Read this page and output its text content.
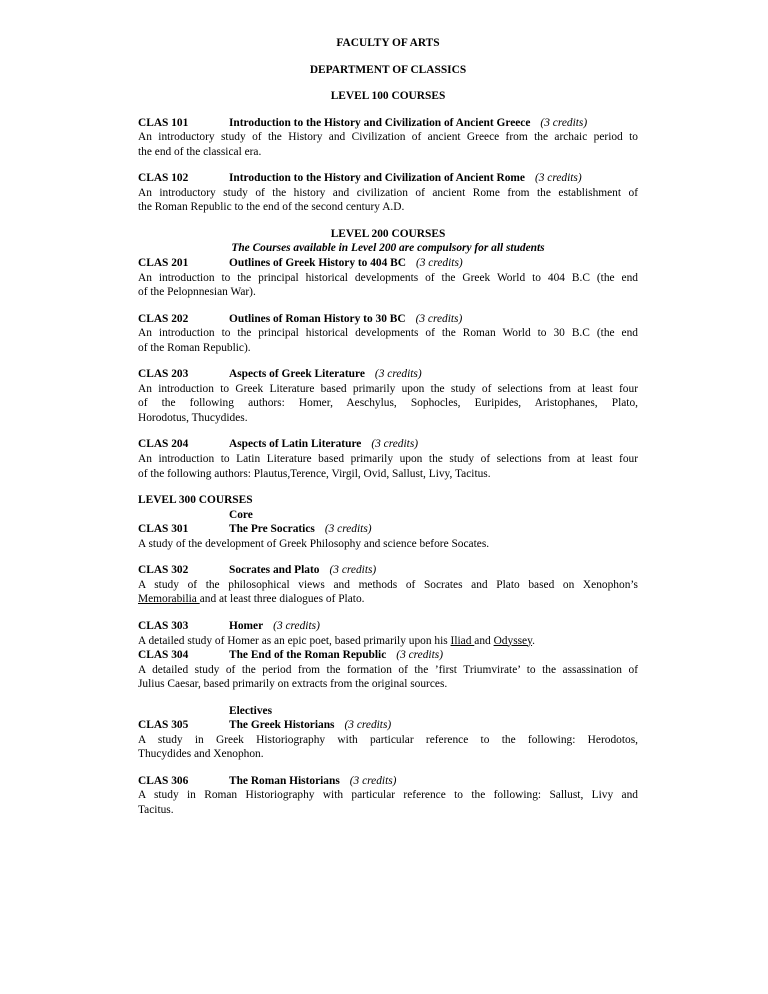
FACULTY OF ARTS
DEPARTMENT OF CLASSICS
LEVEL 100 COURSES
CLAS 101	Introduction to the History and Civilization of Ancient Greece (3 credits)
An introductory study of the History and Civilization of ancient Greece from the archaic period to
the end of the classical era.
CLAS 102	Introduction to the History and Civilization of Ancient Rome (3 credits)
An introductory study of the history and civilization of ancient Rome from the establishment of
the Roman Republic to the end of the second century A.D.
LEVEL 200 COURSES
The Courses available in Level 200 are compulsory for all students
CLAS 201	Outlines of Greek History to 404 BC (3 credits)
An introduction to the principal historical developments of the Greek World to 404 B.C (the end
of the Pelopnnesian War).
CLAS 202	Outlines of Roman History to 30 BC (3 credits)
An introduction to the principal historical developments of the Roman World to 30 B.C (the end
of the Roman Republic).
CLAS 203	Aspects of Greek Literature (3 credits)
An introduction to Greek Literature based primarily upon the study of selections from at least four
of the following authors: Homer, Aeschylus, Sophocles, Euripides, Aristophanes, Plato,
Horodotus, Thucydides.
CLAS 204	Aspects of Latin Literature (3 credits)
An introduction to Latin Literature based primarily upon the study of selections from at least four
of the following authors: Plautus,Terence, Virgil, Ovid, Sallust, Livy, Tacitus.
LEVEL 300 COURSES
Core
CLAS 301	The Pre Socratics (3 credits)
A study of the development of Greek Philosophy and science before Socates.
CLAS 302	Socrates and Plato (3 credits)
A study of the philosophical views and methods of Socrates and Plato based on Xenophon’s
Memorabilia and at least three dialogues of Plato.
CLAS 303	Homer (3 credits)
A detailed study of Homer as an epic poet, based primarily upon his Iliad and Odyssey.
CLAS 304	The End of the Roman Republic (3 credits)
A detailed study of the period from the formation of the ’first Triumvirate’ to the assassination of
Julius Caesar, based primarily on extracts from the original sources.
Electives
CLAS 305	The Greek Historians (3 credits)
A study in Greek Historiography with particular reference to the following: Herodotos,
Thucydides and Xenophon.
CLAS 306	The Roman Historians (3 credits)
A study in Roman Historiography with particular reference to the following: Sallust, Livy and
Tacitus.
